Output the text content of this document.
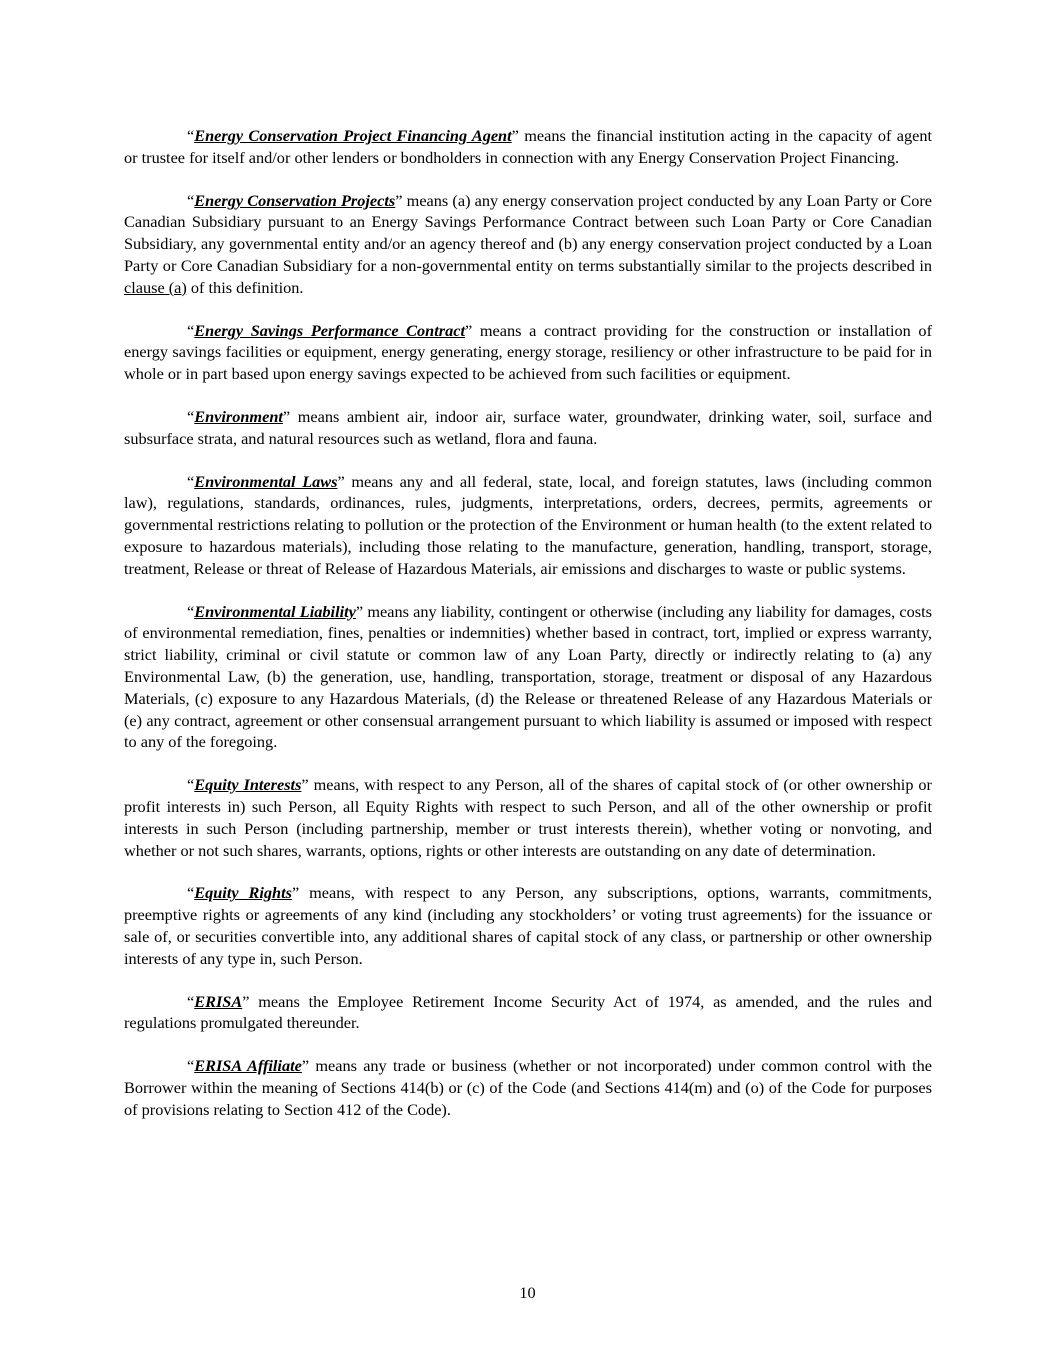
“Energy Conservation Project Financing Agent” means the financial institution acting in the capacity of agent or trustee for itself and/or other lenders or bondholders in connection with any Energy Conservation Project Financing.

“Energy Conservation Projects” means (a) any energy conservation project conducted by any Loan Party or Core Canadian Subsidiary pursuant to an Energy Savings Performance Contract between such Loan Party or Core Canadian Subsidiary, any governmental entity and/or an agency thereof and (b) any energy conservation project conducted by a Loan Party or Core Canadian Subsidiary for a non-governmental entity on terms substantially similar to the projects described in clause (a) of this definition.

“Energy Savings Performance Contract” means a contract providing for the construction or installation of energy savings facilities or equipment, energy generating, energy storage, resiliency or other infrastructure to be paid for in whole or in part based upon energy savings expected to be achieved from such facilities or equipment.

“Environment” means ambient air, indoor air, surface water, groundwater, drinking water, soil, surface and subsurface strata, and natural resources such as wetland, flora and fauna.

“Environmental Laws” means any and all federal, state, local, and foreign statutes, laws (including common law), regulations, standards, ordinances, rules, judgments, interpretations, orders, decrees, permits, agreements or governmental restrictions relating to pollution or the protection of the Environment or human health (to the extent related to exposure to hazardous materials), including those relating to the manufacture, generation, handling, transport, storage, treatment, Release or threat of Release of Hazardous Materials, air emissions and discharges to waste or public systems.

“Environmental Liability” means any liability, contingent or otherwise (including any liability for damages, costs of environmental remediation, fines, penalties or indemnities) whether based in contract, tort, implied or express warranty, strict liability, criminal or civil statute or common law of any Loan Party, directly or indirectly relating to (a) any Environmental Law, (b) the generation, use, handling, transportation, storage, treatment or disposal of any Hazardous Materials, (c) exposure to any Hazardous Materials, (d) the Release or threatened Release of any Hazardous Materials or (e) any contract, agreement or other consensual arrangement pursuant to which liability is assumed or imposed with respect to any of the foregoing.

“Equity Interests” means, with respect to any Person, all of the shares of capital stock of (or other ownership or profit interests in) such Person, all Equity Rights with respect to such Person, and all of the other ownership or profit interests in such Person (including partnership, member or trust interests therein), whether voting or nonvoting, and whether or not such shares, warrants, options, rights or other interests are outstanding on any date of determination.

“Equity Rights” means, with respect to any Person, any subscriptions, options, warrants, commitments, preemptive rights or agreements of any kind (including any stockholders’ or voting trust agreements) for the issuance or sale of, or securities convertible into, any additional shares of capital stock of any class, or partnership or other ownership interests of any type in, such Person.

“ERISA” means the Employee Retirement Income Security Act of 1974, as amended, and the rules and regulations promulgated thereunder.

“ERISA Affiliate” means any trade or business (whether or not incorporated) under common control with the Borrower within the meaning of Sections 414(b) or (c) of the Code (and Sections 414(m) and (o) of the Code for purposes of provisions relating to Section 412 of the Code).

10
